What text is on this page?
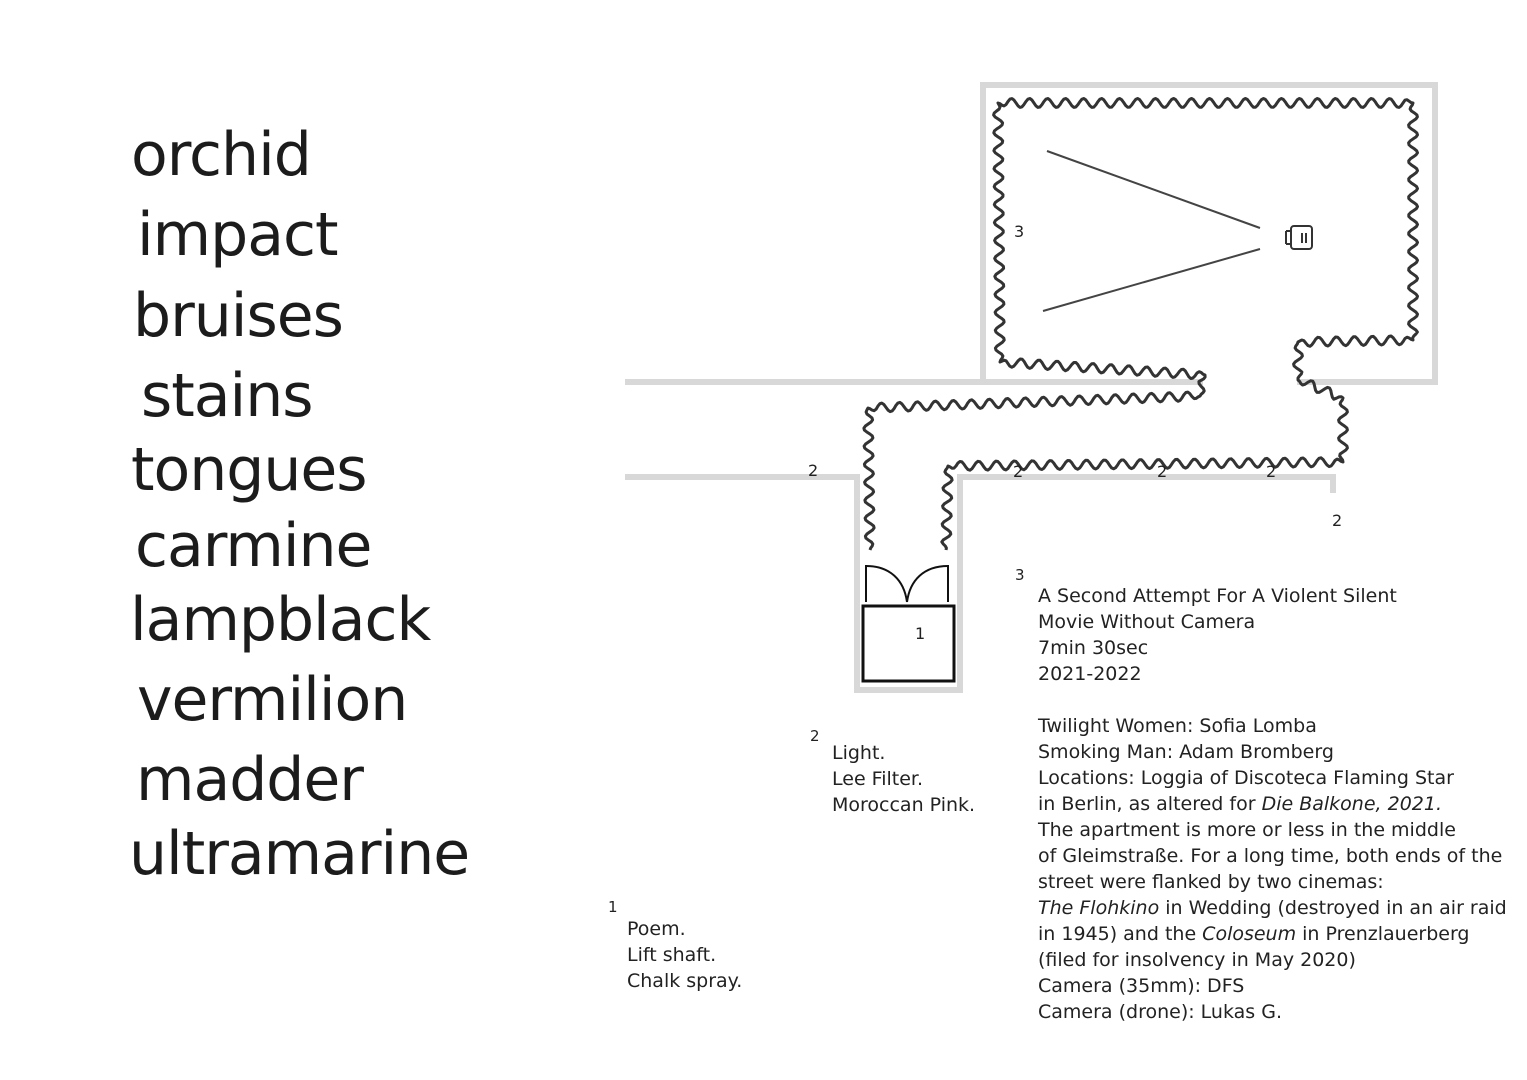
orchid
impact
bruises
stains
tongues
carmine
lampblack
vermilion
madder
ultramarine
3
2	2	2	2
2
1
1
Poem.
Lift shaft.
Chalk spray.
2
Light.
Lee Filter.
Moroccan Pink.
3
A Second Attempt For A Violent Silent
Movie Without Camera
7min 30sec
2021-2022
Twilight Women: Sofia Lomba
Smoking Man: Adam Bromberg
Locations: Loggia of Discoteca Flaming Star
in Berlin, as altered for Die Balkone, 2021.
The apartment is more or less in the middle
of Gleimstraße. For a long time, both ends of the
street were flanked by two cinemas:
The Flohkino in Wedding (destroyed in an air raid
in 1945) and the Coloseum in Prenzlauerberg
(filed for insolvency in May 2020)
Camera (35mm): DFS
Camera (drone): Lukas G.
